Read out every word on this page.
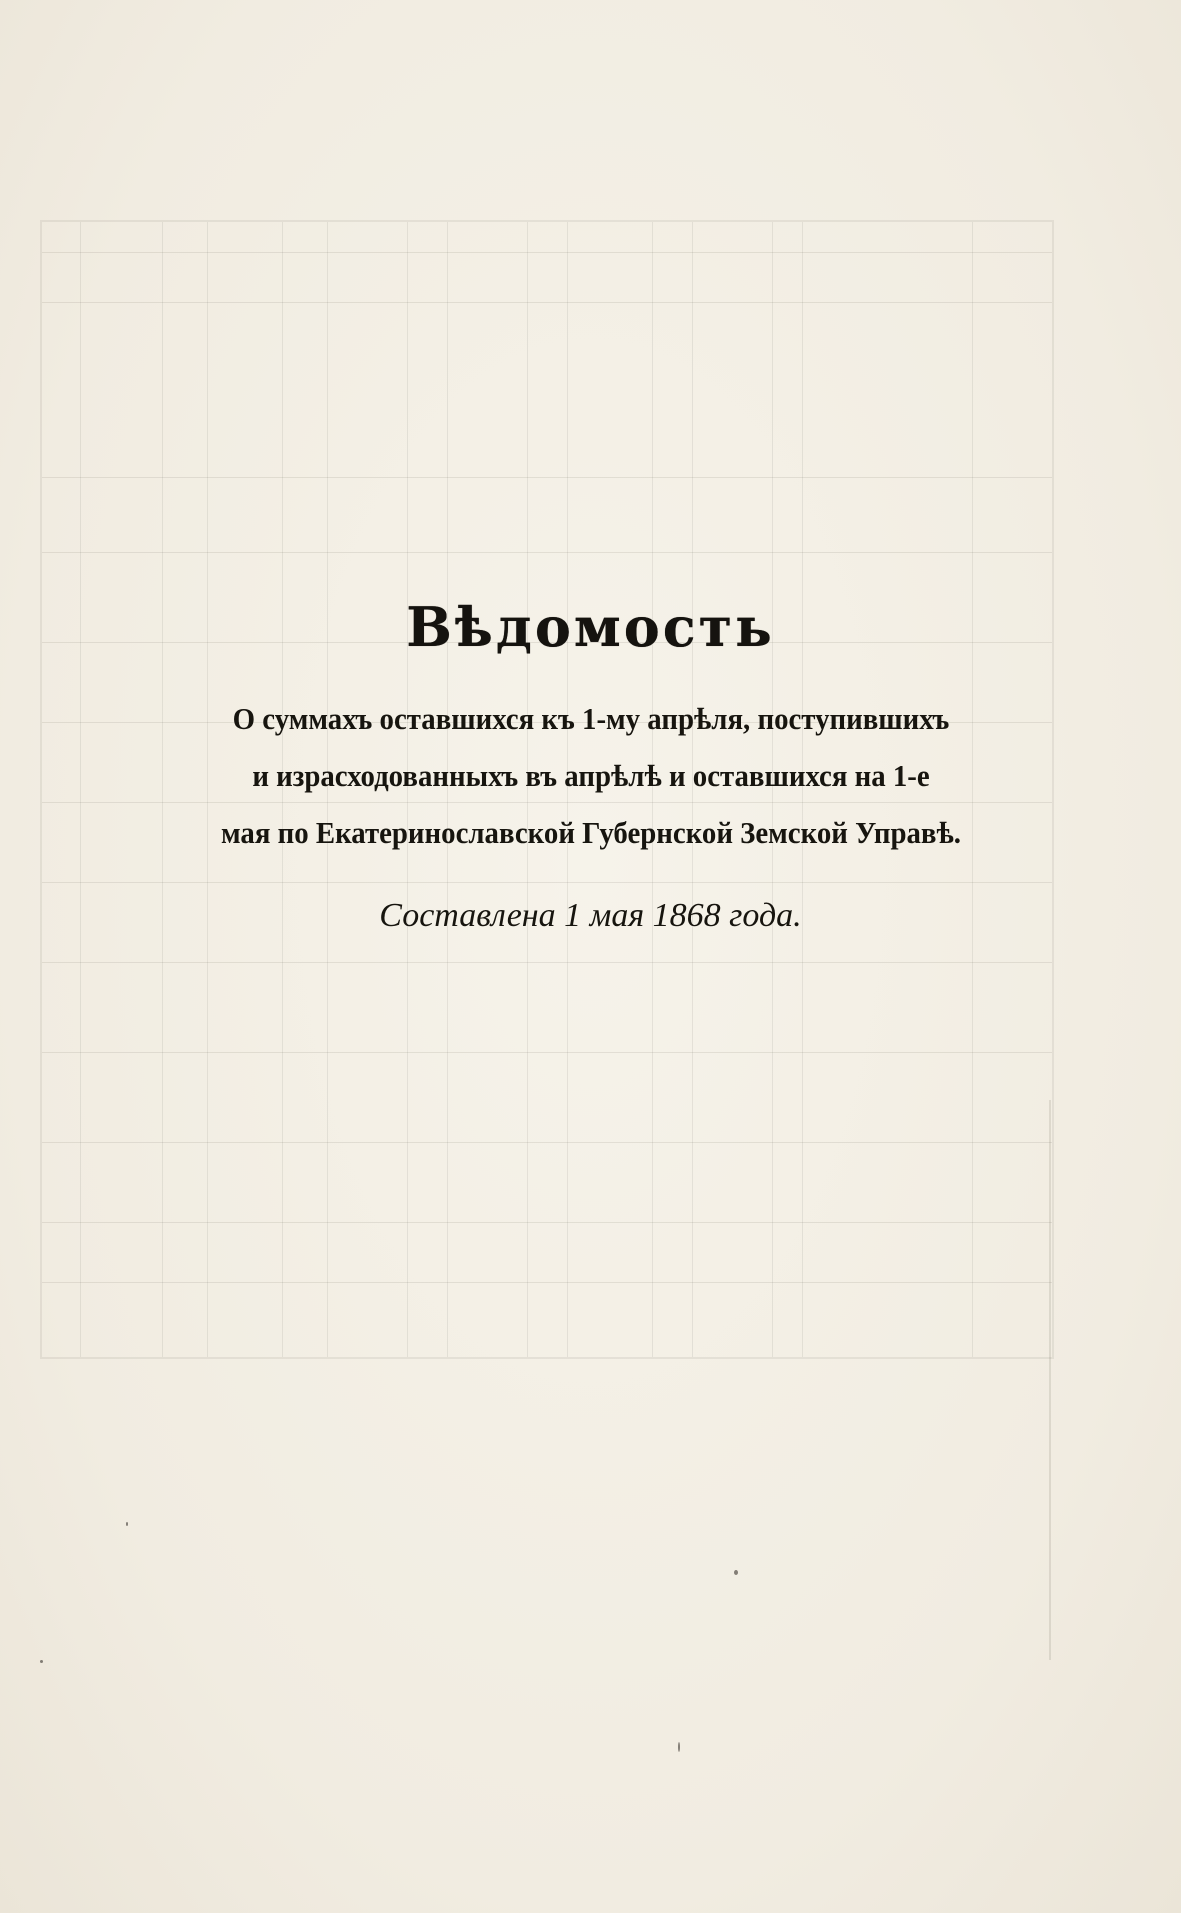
Вѣдомость
О суммахъ оставшихся къ 1-му апрѣля, поступившихъ
и израсходованныхъ въ апрѣлѣ и оставшихся на 1-е
мая по Екатеринославской Губернской Земской Управѣ.
Составлена 1 мая 1868 года.
